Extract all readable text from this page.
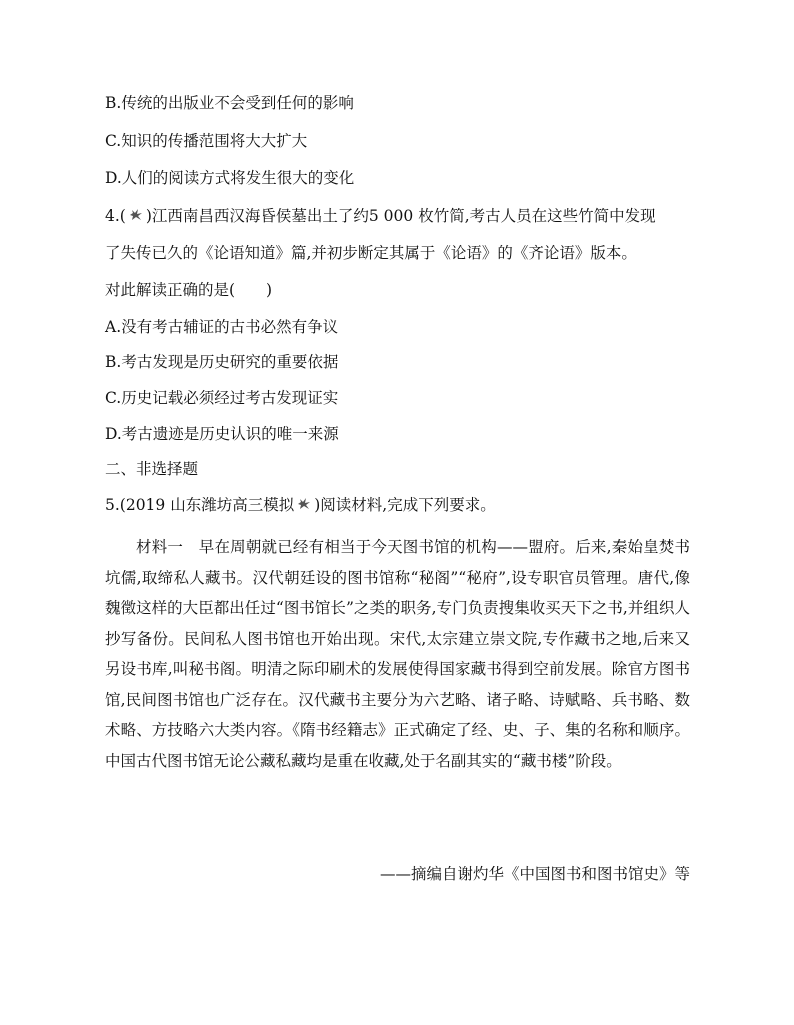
B.传统的出版业不会受到任何的影响
C.知识的传播范围将大大扩大
D.人们的阅读方式将发生很大的变化
4.( )江西南昌西汉海昏侯墓出土了约5 000 枚竹简,考古人员在这些竹简中发现
了失传已久的《论语知道》篇,并初步断定其属于《论语》的《齐论语》版本。
对此解读正确的是(　　)
A.没有考古辅证的古书必然有争议
B.考古发现是历史研究的重要依据
C.历史记载必须经过考古发现证实
D.考古遗迹是历史认识的唯一来源
二、非选择题
5.(2019 山东潍坊高三模拟 )阅读材料,完成下列要求。
材料一　早在周朝就已经有相当于今天图书馆的机构——盟府。后来,秦始皇焚书坑儒,取缔私人藏书。汉代朝廷设的图书馆称“秘阁”“秘府”,设专职官员管理。唐代,像魏徵这样的大臣都出任过“图书馆长”之类的职务,专门负责搜集收买天下之书,并组织人抄写备份。民间私人图书馆也开始出现。宋代,太宗建立崇文院,专作藏书之地,后来又另设书库,叫秘书阁。明清之际印刷术的发展使得国家藏书得到空前发展。除官方图书馆,民间图书馆也广泛存在。汉代藏书主要分为六艺略、诸子略、诗赋略、兵书略、数术略、方技略六大类内容。《隋书经籍志》正式确定了经、史、子、集的名称和顺序。中国古代图书馆无论公藏私藏均是重在收藏,处于名副其实的“藏书楼”阶段。
——摘编自谢灼华《中国图书和图书馆史》等
